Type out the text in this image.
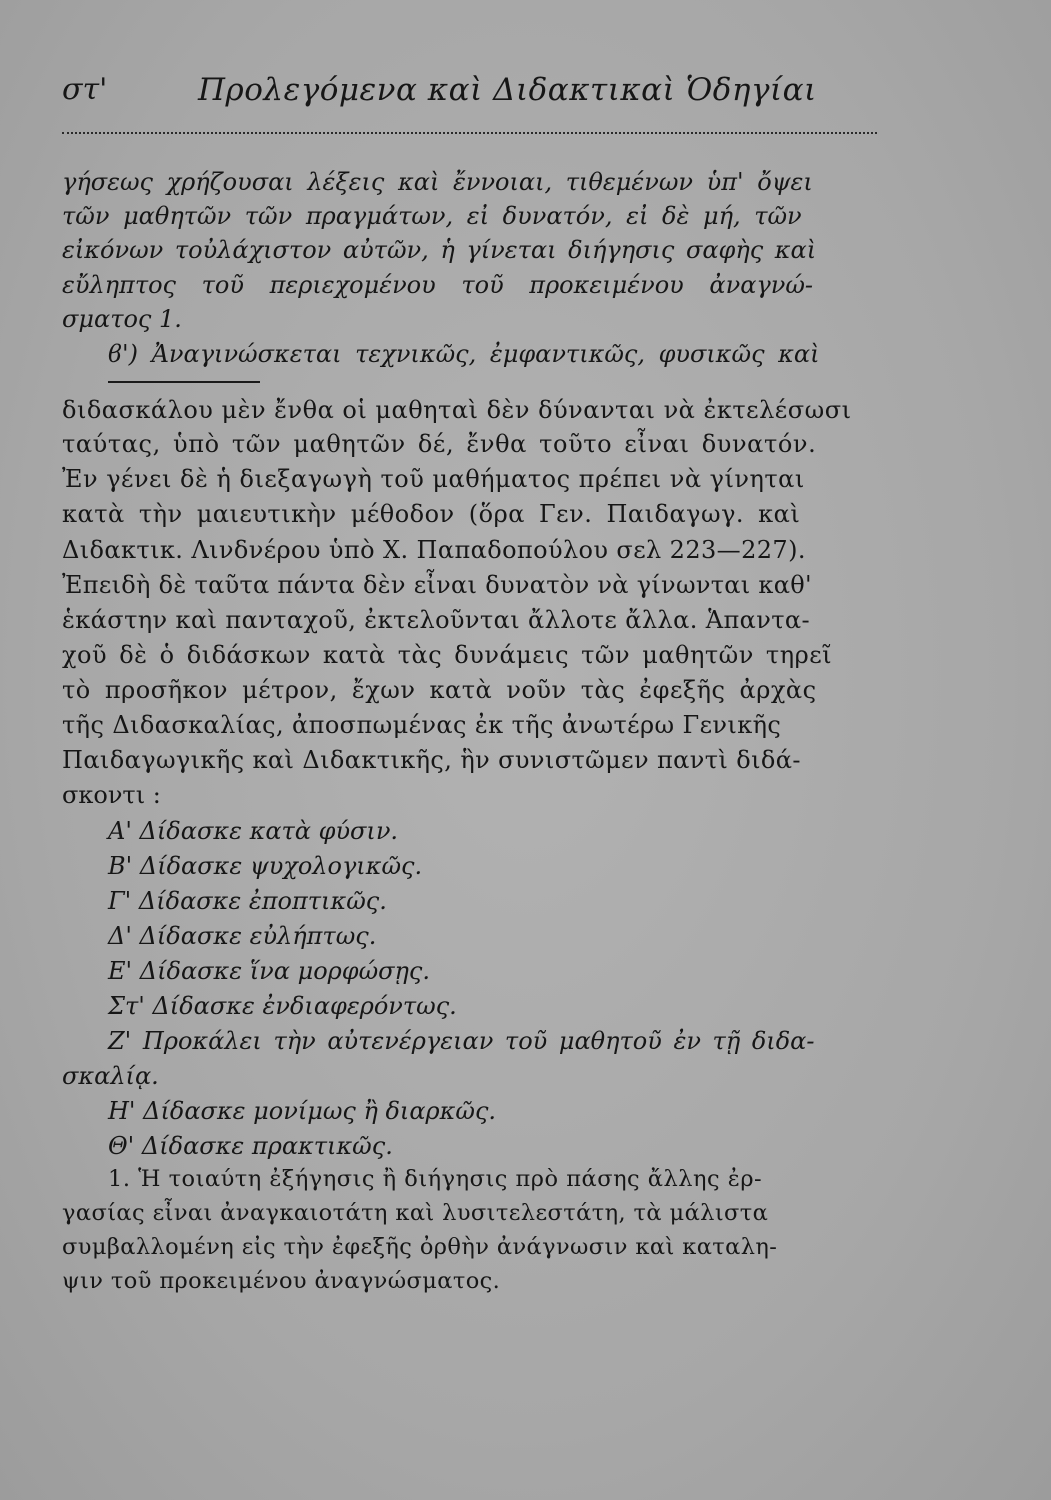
στ'	Προλεγόμενα καὶ Διδακτικαὶ Ὁδηγίαι
γήσεως χρήζουσαι λέξεις καὶ ἔννοιαι, τιθεμένων ὑπ' ὄψει
τῶν μαθητῶν τῶν πραγμάτων, εἰ δυνατόν, εἰ δὲ μή, τῶν
εἰκόνων τοὐλάχιστον αὐτῶν, ἡ γίνεται διήγησις σαφὴς καὶ
εὔληπτος τοῦ περιεχομένου τοῦ προκειμένου ἀναγνώ-
σματος 1.
ϐ') Ἀναγινώσκεται τεχνικῶς, ἐμφαντικῶς, φυσικῶς καὶ
διδασκάλου μὲν ἔνθα οἱ μαθηταὶ δὲν δύνανται νὰ ἐκτελέσωσι
ταύτας, ὑπὸ τῶν μαθητῶν δέ, ἔνθα τοῦτο εἶναι δυνατόν.
Ἐν γένει δὲ ἡ διεξαγωγὴ τοῦ μαθήματος πρέπει νὰ γίνηται
κατὰ τὴν μαιευτικὴν μέθοδον (ὅρα Γεν. Παιδαγωγ. καὶ
Διδακτικ. Λινδνέρου ὑπὸ Χ. Παπαδοπούλου σελ 223—227).
Ἐπειδὴ δὲ ταῦτα πάντα δὲν εἶναι δυνατὸν νὰ γίνωνται καθ'
ἑκάστην καὶ πανταχοῦ, ἐκτελοῦνται ἄλλοτε ἄλλα. Ἁπαντα-
χοῦ δὲ ὁ διδάσκων κατὰ τὰς δυνάμεις τῶν μαθητῶν τηρεῖ
τὸ προσῆκον μέτρον, ἔχων κατὰ νοῦν τὰς ἐφεξῆς ἀρχὰς
τῆς Διδασκαλίας, ἀποσπωμένας ἐκ τῆς ἀνωτέρω Γενικῆς
Παιδαγωγικῆς καὶ Διδακτικῆς, ἣν συνιστῶμεν παντὶ διδά-
σκοντι :
Α' Δίδασκε κατὰ φύσιν.
Β' Δίδασκε ψυχολογικῶς.
Γ' Δίδασκε ἐποπτικῶς.
Δ' Δίδασκε εὐλήπτως.
Ε' Δίδασκε ἵνα μορφώσῃς.
Στ' Δίδασκε ἐνδιαφερόντως.
Ζ' Προκάλει τὴν αὐτενέργειαν τοῦ μαθητοῦ ἐν τῇ διδα-
σκαλίᾳ.
Η' Δίδασκε μονίμως ἢ διαρκῶς.
Θ' Δίδασκε πρακτικῶς.
1. Ἡ τοιαύτη ἐξήγησις ἢ διήγησις πρὸ πάσης ἄλλης ἐρ-
γασίας εἶναι ἀναγκαιοτάτη καὶ λυσιτελεστάτη, τὰ μάλιστα
συμβαλλομένη εἰς τὴν ἐφεξῆς ὀρθὴν ἀνάγνωσιν καὶ καταλη-
ψιν τοῦ προκειμένου ἀναγνώσματος.
